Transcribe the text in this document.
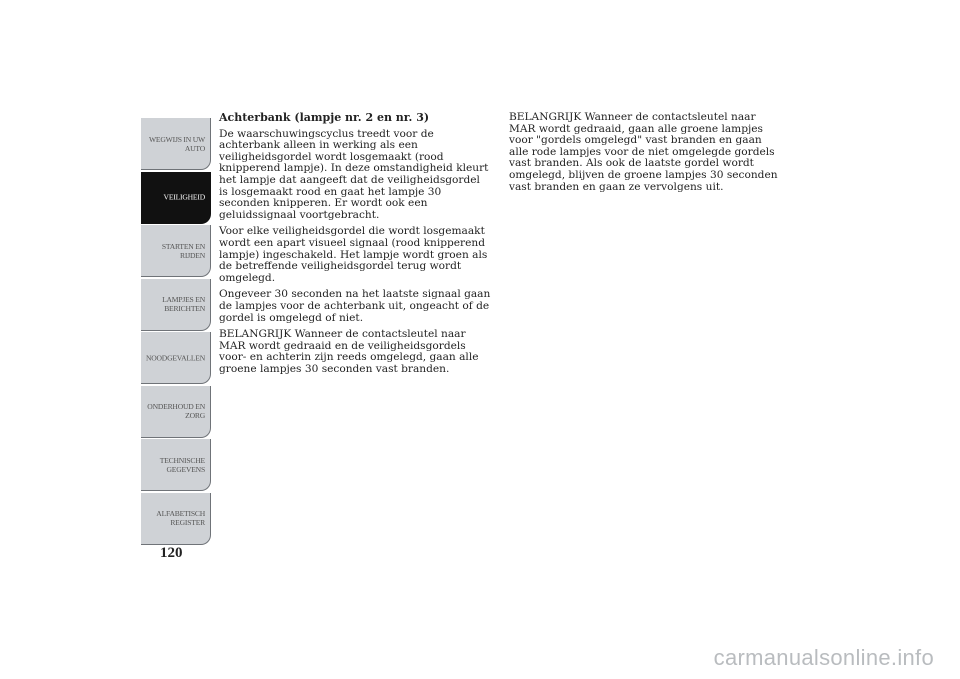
WEGWIJS IN UW
AUTO
VEILIGHEID
STARTEN EN
RIJDEN
LAMPJES EN
BERICHTEN
NOODGEVALLEN
ONDERHOUD EN
ZORG
TECHNISCHE
GEGEVENS
ALFABETISCH
REGISTER
120
Achterbank (lampje nr. 2 en nr. 3)

De waarschuwingscyclus treedt voor de achterbank alleen in werking als een veiligheidsgordel wordt losgemaakt (rood knipperend lampje). In deze omstandigheid kleurt het lampje dat aangeeft dat de veiligheidsgordel is losgemaakt rood en gaat het lampje 30 seconden knipperen. Er wordt ook een geluidssignaal voortgebracht.

Voor elke veiligheidsgordel die wordt losgemaakt wordt een apart visueel signaal (rood knipperend lampje) ingeschakeld. Het lampje wordt groen als de betreffende veiligheidsgordel terug wordt omgelegd.

Ongeveer 30 seconden na het laatste signaal gaan de lampjes voor de achterbank uit, ongeacht of de gordel is omgelegd of niet.

BELANGRIJK Wanneer de contactsleutel naar MAR wordt gedraaid en de veiligheidsgordels voor- en achterin zijn reeds omgelegd, gaan alle groene lampjes 30 seconden vast branden.

BELANGRIJK Wanneer de contactsleutel naar MAR wordt gedraaid, gaan alle groene lampjes voor "gordels omgelegd" vast branden en gaan alle rode lampjes voor de niet omgelegde gordels vast branden. Als ook de laatste gordel wordt omgelegd, blijven de groene lampjes 30 seconden vast branden en gaan ze vervolgens uit.

carmanualsonline.info
